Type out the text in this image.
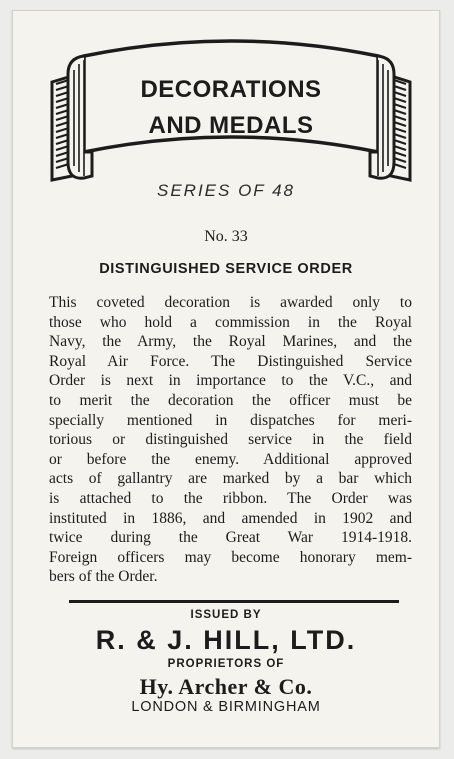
DECORATIONS
AND MEDALS
SERIES OF 48
No. 33
DISTINGUISHED SERVICE ORDER
This coveted decoration is awarded only to
those who hold a commission in the Royal
Navy, the Army, the Royal Marines, and the
Royal Air Force. The Distinguished Service
Order is next in importance to the V.C., and
to merit the decoration the officer must be
specially mentioned in dispatches for meri-
torious or distinguished service in the field
or before the enemy. Additional approved
acts of gallantry are marked by a bar which
is attached to the ribbon. The Order was
instituted in 1886, and amended in 1902 and
twice during the Great War 1914-1918.
Foreign officers may become honorary mem-
bers of the Order.
ISSUED BY
R. & J. HILL, LTD.
PROPRIETORS OF
Hy. Archer & Co.
LONDON & BIRMINGHAM
